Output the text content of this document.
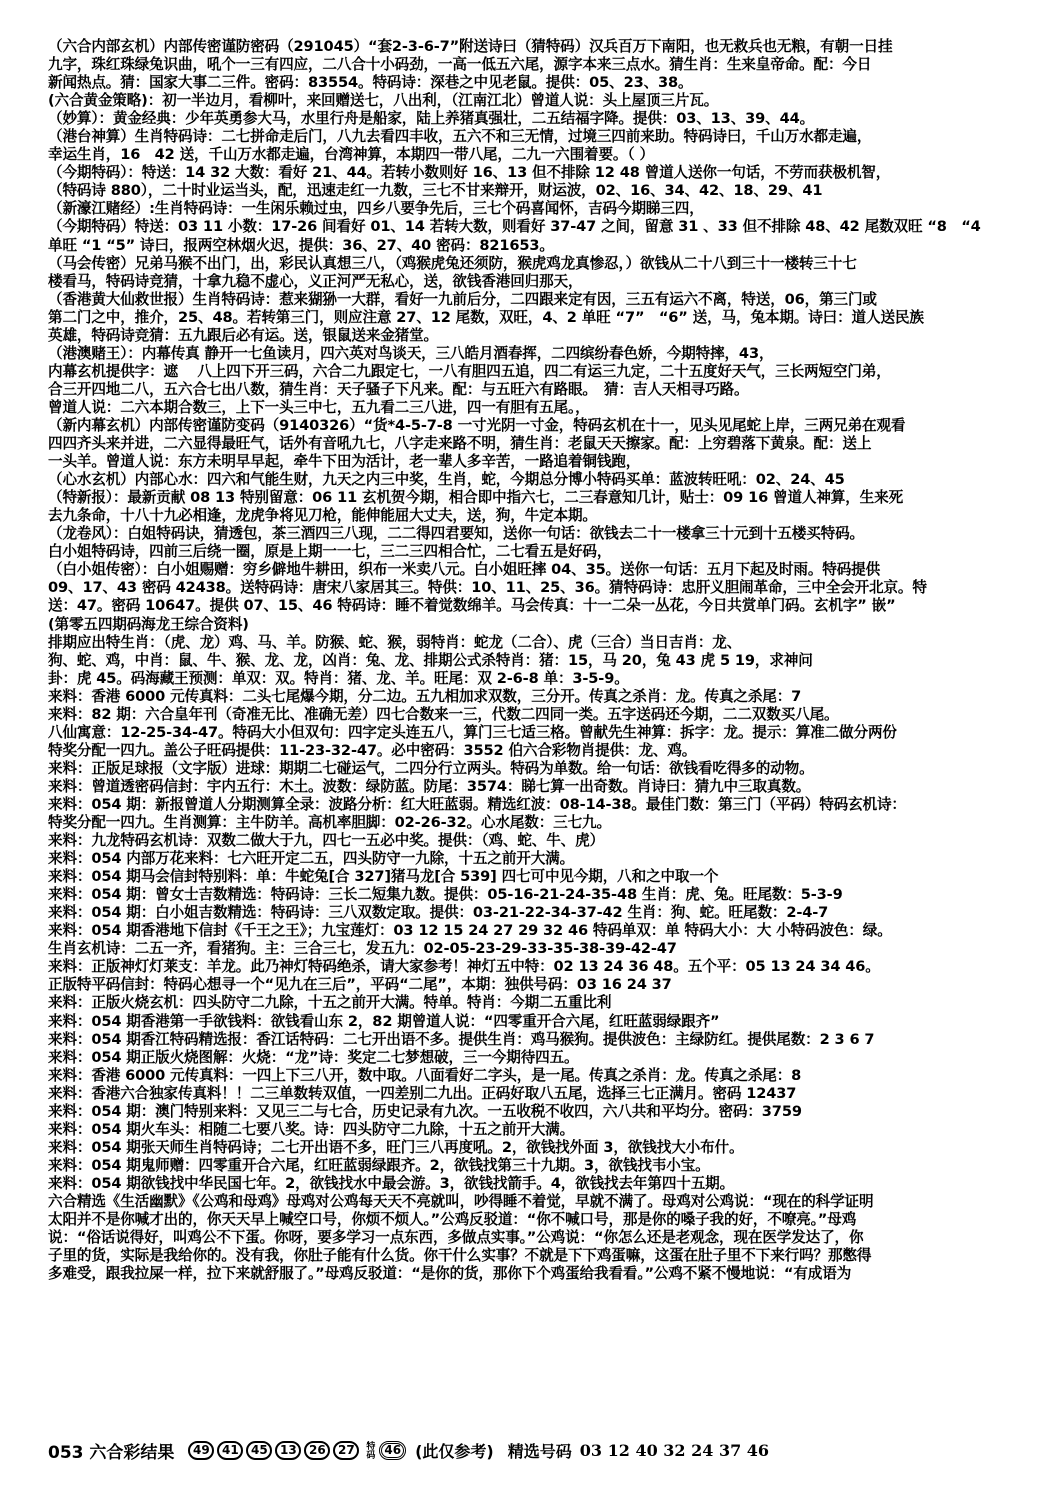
（六合内部玄机）内部传密谨防密码（291045）“套2-3-6-7”附送诗曰（猜特码）汉兵百万下南阳，也无救兵也无粮，有朝一日挂
九字，珠红珠绿兔识曲，吼个一三有四应，二八合十小码劲，一高一低五六尾，源字本来三点水。猜生肖：生来皇帝命。配：今日
新闻热点。猜：国家大事二三件。密码：83554。特码诗：深巷之中见老鼠。提供：05、23、38。
(六合黄金策略)：初一半边月，看柳叶，来回赠送七，八出利，（江南江北）曾道人说：头上屋顶三片瓦。
（妙算）：黄金经典：少年英勇参大马，水里行舟是船家，陆上养猪真强壮，二五结福字降。提供：03、13、39、44。
（港台神算）生肖特码诗：二七拼命走后门，八九去看四丰收，五六不和三无情，过境三四前来助。特码诗曰，千山万水都走遍，
幸运生肖，16　42 送，千山万水都走遍，台湾神算，本期四一带八尾，二九一六围着要。（ ）
（今期特码）：特送：14 32 大数：看好 21、44。若转小数则好 16、13 但不排除 12 48 曾道人送你一句话，不劳而获极机智，
（特码诗 880），二十时业运当头，配，迅速走红一九数，三七不甘来辩开，财运波，02、16、34、42、18、29、41
（新濠江赌经）:生肖特码诗：一生闲乐赖过虫，四乡八要争先后，三七个码喜闻怀，吉码今期睇三四，
（今期特码）特送：03 11 小数：17-26 间看好 01、14 若转大数，则看好 37-47 之间，留意 31 、33 但不排除 48、42 尾数双旺 “8　“4
单旺 “1 “5” 诗曰，报两空林烟火迟，提供：36、27、40 密码：821653。
（马会传密）兄弟马猴不出门，出，彩民认真想三八，（鸡猴虎兔还须防，猴虎鸡龙真惨忍，）欲钱从二十八到三十一楼转三十七
楼看马，特码诗竞猜，十拿九稳不虚心，义正河严无私心，送，欲钱香港回归那天，
（香港黄大仙救世报）生肖特码诗：惹来猢狲一大群，看好一九前后分，二四跟来定有因，三五有运六不离，特送，06，第三门或
第二门之中，推介，25、48。若转第三门，则应注意 27、12 尾数，双旺，4、2 单旺 “7”　“6” 送，马，兔本期。诗曰：道人送民族
英雄，特码诗竞猜：五九跟后必有运。送，银鼠送来金猪堂。
（港澳赌王）：内幕传真 静开一七鱼读月，四六英对鸟谈天，三八皓月酒春挥，二四缤纷春色娇，今期特摔，43，
内幕玄机提供字：遮　 八上四下开三码，六合二九跟定七，一八有胆四五追，四二有运三九定，二十五度好天气，三长两短空门弟，
合三开四地二八，五六合七出八数，猜生肖：天子骚子下凡来。配：与五旺六有路眼。　猜：吉人天相寻巧路。
曾道人说：二六本期合数三，上下一头三中七，五九看二三八进，四一有胆有五尾。，
（新内幕玄机）内部传密谨防变码（9140326）“货*4-5-7-8 一寸光阴一寸金，特码玄机在十一，见头见尾蛇上岸，三两兄弟在观看
四四齐头来并进，二六显得最旺气，话外有音吼九七，八字走来路不明，猜生肖：老鼠天天擦家。配：上穷碧落下黄泉。配：送上
一头羊。曾道人说：东方未明早早起，牵牛下田为活计，老一辈人多辛苦，一路追着铜钱跑，
（心水玄机）内部心水：四六和气能生财，九天之内三中奖，生肖，蛇，今期总分博小特码买单：蓝波转旺吼：02、24、45
（特新报）：最新贡献 08 13 特别留意：06 11 玄机贺今期，相合即中指六七，二三春意知几计，贴士：09 16 曾道人神算，生来死
去九条命，十八十九必相逢，龙虎争将见刀枪，能伸能屈大丈夫，送，狗，牛定本期。
（龙卷风）：白姐特码诀，猜透包，茶三酒四三八现，二二得四君要知，送你一句话：欲钱去二十一楼拿三十元到十五楼买特码。
白小姐特码诗，四前三后绕一圈，原是上期一一七，三二三四相合忙，二七看五是好码，
（白小姐传密）：白小姐赐赠：穷乡僻地牛耕田，织布一米卖八元。白小姐旺摔 04、35。送你一句话：五月下起及时雨。特码提供
09、17、43 密码 42438。送特码诗：唐宋八家居其三。特供：10、11、25、36。猜特码诗：忠肝义胆闹革命，三中全会开北京。特
送：47。密码 10647。提供 07、15、46 特码诗：睡不着觉数绵羊。马会传真：十一二朵一丛花，今日共赏单门码。玄机字” 嵌”
(第零五四期码海龙王综合资料)
排期应出特生肖：（虎、龙）鸡、马、羊。防猴、蛇、猴，弱特肖：蛇龙（二合）、虎（三合）当日吉肖：龙、
狗、蛇、鸡，中肖：鼠、牛、猴、龙、龙，凶肖：兔、龙、排期公式杀特肖：猪：15，马 20，兔 43 虎 5 19，求神问
卦：虎 45。码海藏王预测：单双：双。特肖：猪、龙、羊。旺尾：双 2-6-8 单：3-5-9。
来料：香港 6000 元传真料：二头七尾爆今期，分二边。五九相加求双数，三分开。传真之杀肖：龙。传真之杀尾：7
来料：82 期：六合皇年刊（奇准无比、准确无差）四七合数来一三，代数二四同一类。五字送码还今期，二二双数买八尾。
八仙寓意：12-25-34-47。特码大小但双句：四字定头连五八，算门三七适三格。曾献先生神算：拆字：龙。提示：算准二做分两份
特奖分配一四九。盖公子旺码提供：11-23-32-47。必中密码：3552 伯六合彩物肖提供：龙、鸡。
来料：正版足球报（文字版）进球：期期二七碰运气，二四分行立两头。特码为单数。给一句话：欲钱看吃得多的动物。
来料：曾道透密码信封：宇内五行：木土。波数：绿防蓝。防尾：3574：睇七算一出奇数。肖诗曰：猜九中三取真数。
来料：054 期：新报曾道人分期测算全录：波路分析：红大旺蓝弱。精选红波：08-14-38。最佳门数：第三门（平码）特码玄机诗：
特奖分配一四九。生肖测算：主牛防羊。高机率胆脚：02-26-32。心水尾数：三七九。
来料：九龙特码玄机诗：双数二做大于九，四七一五必中奖。提供：（鸡、蛇、牛、虎）
来料：054 内部万花来料：七六旺开定二五，四头防守一九除，十五之前开大满。
来料：054 期马会信封特别料：单：牛蛇兔[合 327]猪马龙[合 539] 四七可中见今期，八和之中取一个
来料：054 期：曾女士吉数精选：特码诗：三长二短集九数。提供：05-16-21-24-35-48 生肖：虎、兔。旺尾数：5-3-9
来料：054 期：白小姐吉数精选：特码诗：三八双数定取。提供：03-21-22-34-37-42 生肖：狗、蛇。旺尾数：2-4-7
来料：054 期香港地下信封《千王之王》；九宝莲灯：03 12 15 24 27 29 32 46 特码单双：单 特码大小：大 小特码波色：绿。
生肖玄机诗：二五一齐，看猪狗。主：三合三七，发五九：02-05-23-29-33-35-38-39-42-47
来料：正版神灯灯莱支：羊龙。此乃神灯特码绝杀，请大家参考！神灯五中特：02 13 24 36 48。五个平：05 13 24 34 46。
正版特平码信封：特码心想寻一个“见九在三后”，平码“二尾”，本期：独供号码：03 16 24 37
来料：正版火烧玄机：四头防守二九除，十五之前开大满。特单。特肖：今期二五重比利
来料：054 期香港第一手欲钱料：欲钱看山东 2，82 期曾道人说：“四零重开合六尾，红旺蓝弱绿跟齐”
来料：054 期香江特码精选报：香江话特码：二七开出语不多。提供生肖：鸡马猴狗。提供波色：主绿防红。提供尾数：2 3 6 7
来料：054 期正版火烧图解：火烧：“龙”诗：奖定二七梦想破，三一今期待四五。
来料：香港 6000 元传真料：一四上下三八开，数中取。八面看好二字头，是一尾。传真之杀肖：龙。传真之杀尾：8
来料：香港六合独家传真料！！二三单数转双值，一四差别二九出。正码好取八五尾，选择三七正满月。密码 12437
来料：054 期：澳门特别来料：又见三二与七合，历史记录有九次。一五收税不收四，六八共和平均分。密码：3759
来料：054 期火车头：相随二七要八奖。诗：四头防守二九除，十五之前开大满。
来料：054 期张天师生肖特码诗；二七开出语不多，旺门三八再度吼。2，欲钱找外面 3，欲钱找大小布什。
来料：054 期鬼师赠：四零重开合六尾，红旺蓝弱绿跟齐。2，欲钱找第三十九期。3，欲钱找韦小宝。
来料：054 期欲钱找中华民国七年。2，欲钱找水中最会游。3，欲钱找箭手。4，欲钱找去年第四十五期。
六合精选《生活幽默》《公鸡和母鸡》母鸡对公鸡每天天不亮就叫，吵得睡不着觉，早就不满了。母鸡对公鸡说：“现在的科学证明
太阳并不是你喊才出的，你天天早上喊空口号，你烦不烦人。”公鸡反驳道：“你不喊口号，那是你的嗓子我的好，不嘹亮。”母鸡
说：“俗话说得好，叫鸡公不下蛋。你呀，要多学习一点东西，多做点实事。”公鸡说：“你怎么还是老观念，现在医学发达了，你
子里的货，实际是我给你的。没有我，你肚子能有什么货。你干什么实事？不就是下下鸡蛋嘛，这蛋在肚子里不下来行吗？那憋得
多难受，跟我拉屎一样，拉下来就舒服了。”母鸡反驳道：“是你的货，那你下个鸡蛋给我看看。”公鸡不紧不慢地说：“有成语为
053 六合彩结果	49	41	45	13	26	27	特码 46 (此仅参考) 精选号码 03 12 40 32 24 37 46
